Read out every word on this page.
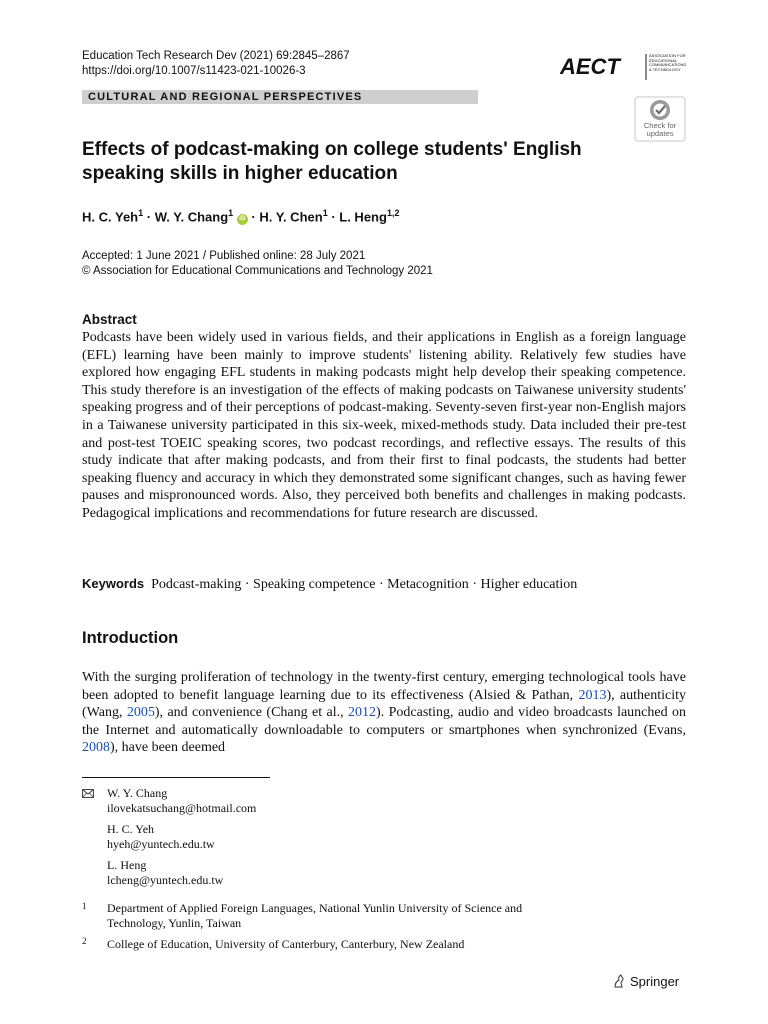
Education Tech Research Dev (2021) 69:2845–2867
https://doi.org/10.1007/s11423-021-10026-3	AECT	ASSOCIATION FOR EDUCATIONAL COMMUNICATIONS & TECHNOLOGY
CULTURAL AND REGIONAL PERSPECTIVES
Check for
updates
Effects of podcast-making on college students' English speaking skills in higher education
H. C. Yeh$^1$ · W. Y. Chang$^1$ iD · H. Y. Chen$^1$ · L. Heng$^{1,2}$
Accepted: 1 June 2021 / Published online: 28 July 2021
© Association for Educational Communications and Technology 2021
Abstract

Podcasts have been widely used in various fields, and their applications in English as a foreign language (EFL) learning have been mainly to improve students' listening ability. Relatively few studies have explored how engaging EFL students in making podcasts might help develop their speaking competence. This study therefore is an investigation of the effects of making podcasts on Taiwanese university students' speaking progress and of their perceptions of podcast-making. Seventy-seven first-year non-English majors in a Taiwanese university participated in this six-week, mixed-methods study. Data included their pre-test and post-test TOEIC speaking scores, two podcast recordings, and reflective essays. The results of this study indicate that after making podcasts, and from their first to final podcasts, the students had better speaking fluency and accuracy in which they demonstrated some significant changes, such as having fewer pauses and mispronounced words. Also, they perceived both benefits and challenges in making podcasts. Pedagogical implications and recommendations for future research are discussed.

Keywords Podcast-making · Speaking competence · Metacognition · Higher education
Introduction

With the surging proliferation of technology in the twenty-first century, emerging technological tools have been adopted to benefit language learning due to its effectiveness (Alsied & Pathan, 2013), authenticity (Wang, 2005), and convenience (Chang et al., 2012). Podcasting, audio and video broadcasts launched on the Internet and automatically downloadable to computers or smartphones when synchronized (Evans, 2008), have been deemed

W. Y. Chang
ilovekatsuchang@hotmail.com
H. C. Yeh
hyeh@yuntech.edu.tw
L. Heng
lcheng@yuntech.edu.tw
1 Department of Applied Foreign Languages, National Yunlin University of Science and Technology, Yunlin, Taiwan
2 College of Education, University of Canterbury, Canterbury, New Zealand
Springer
